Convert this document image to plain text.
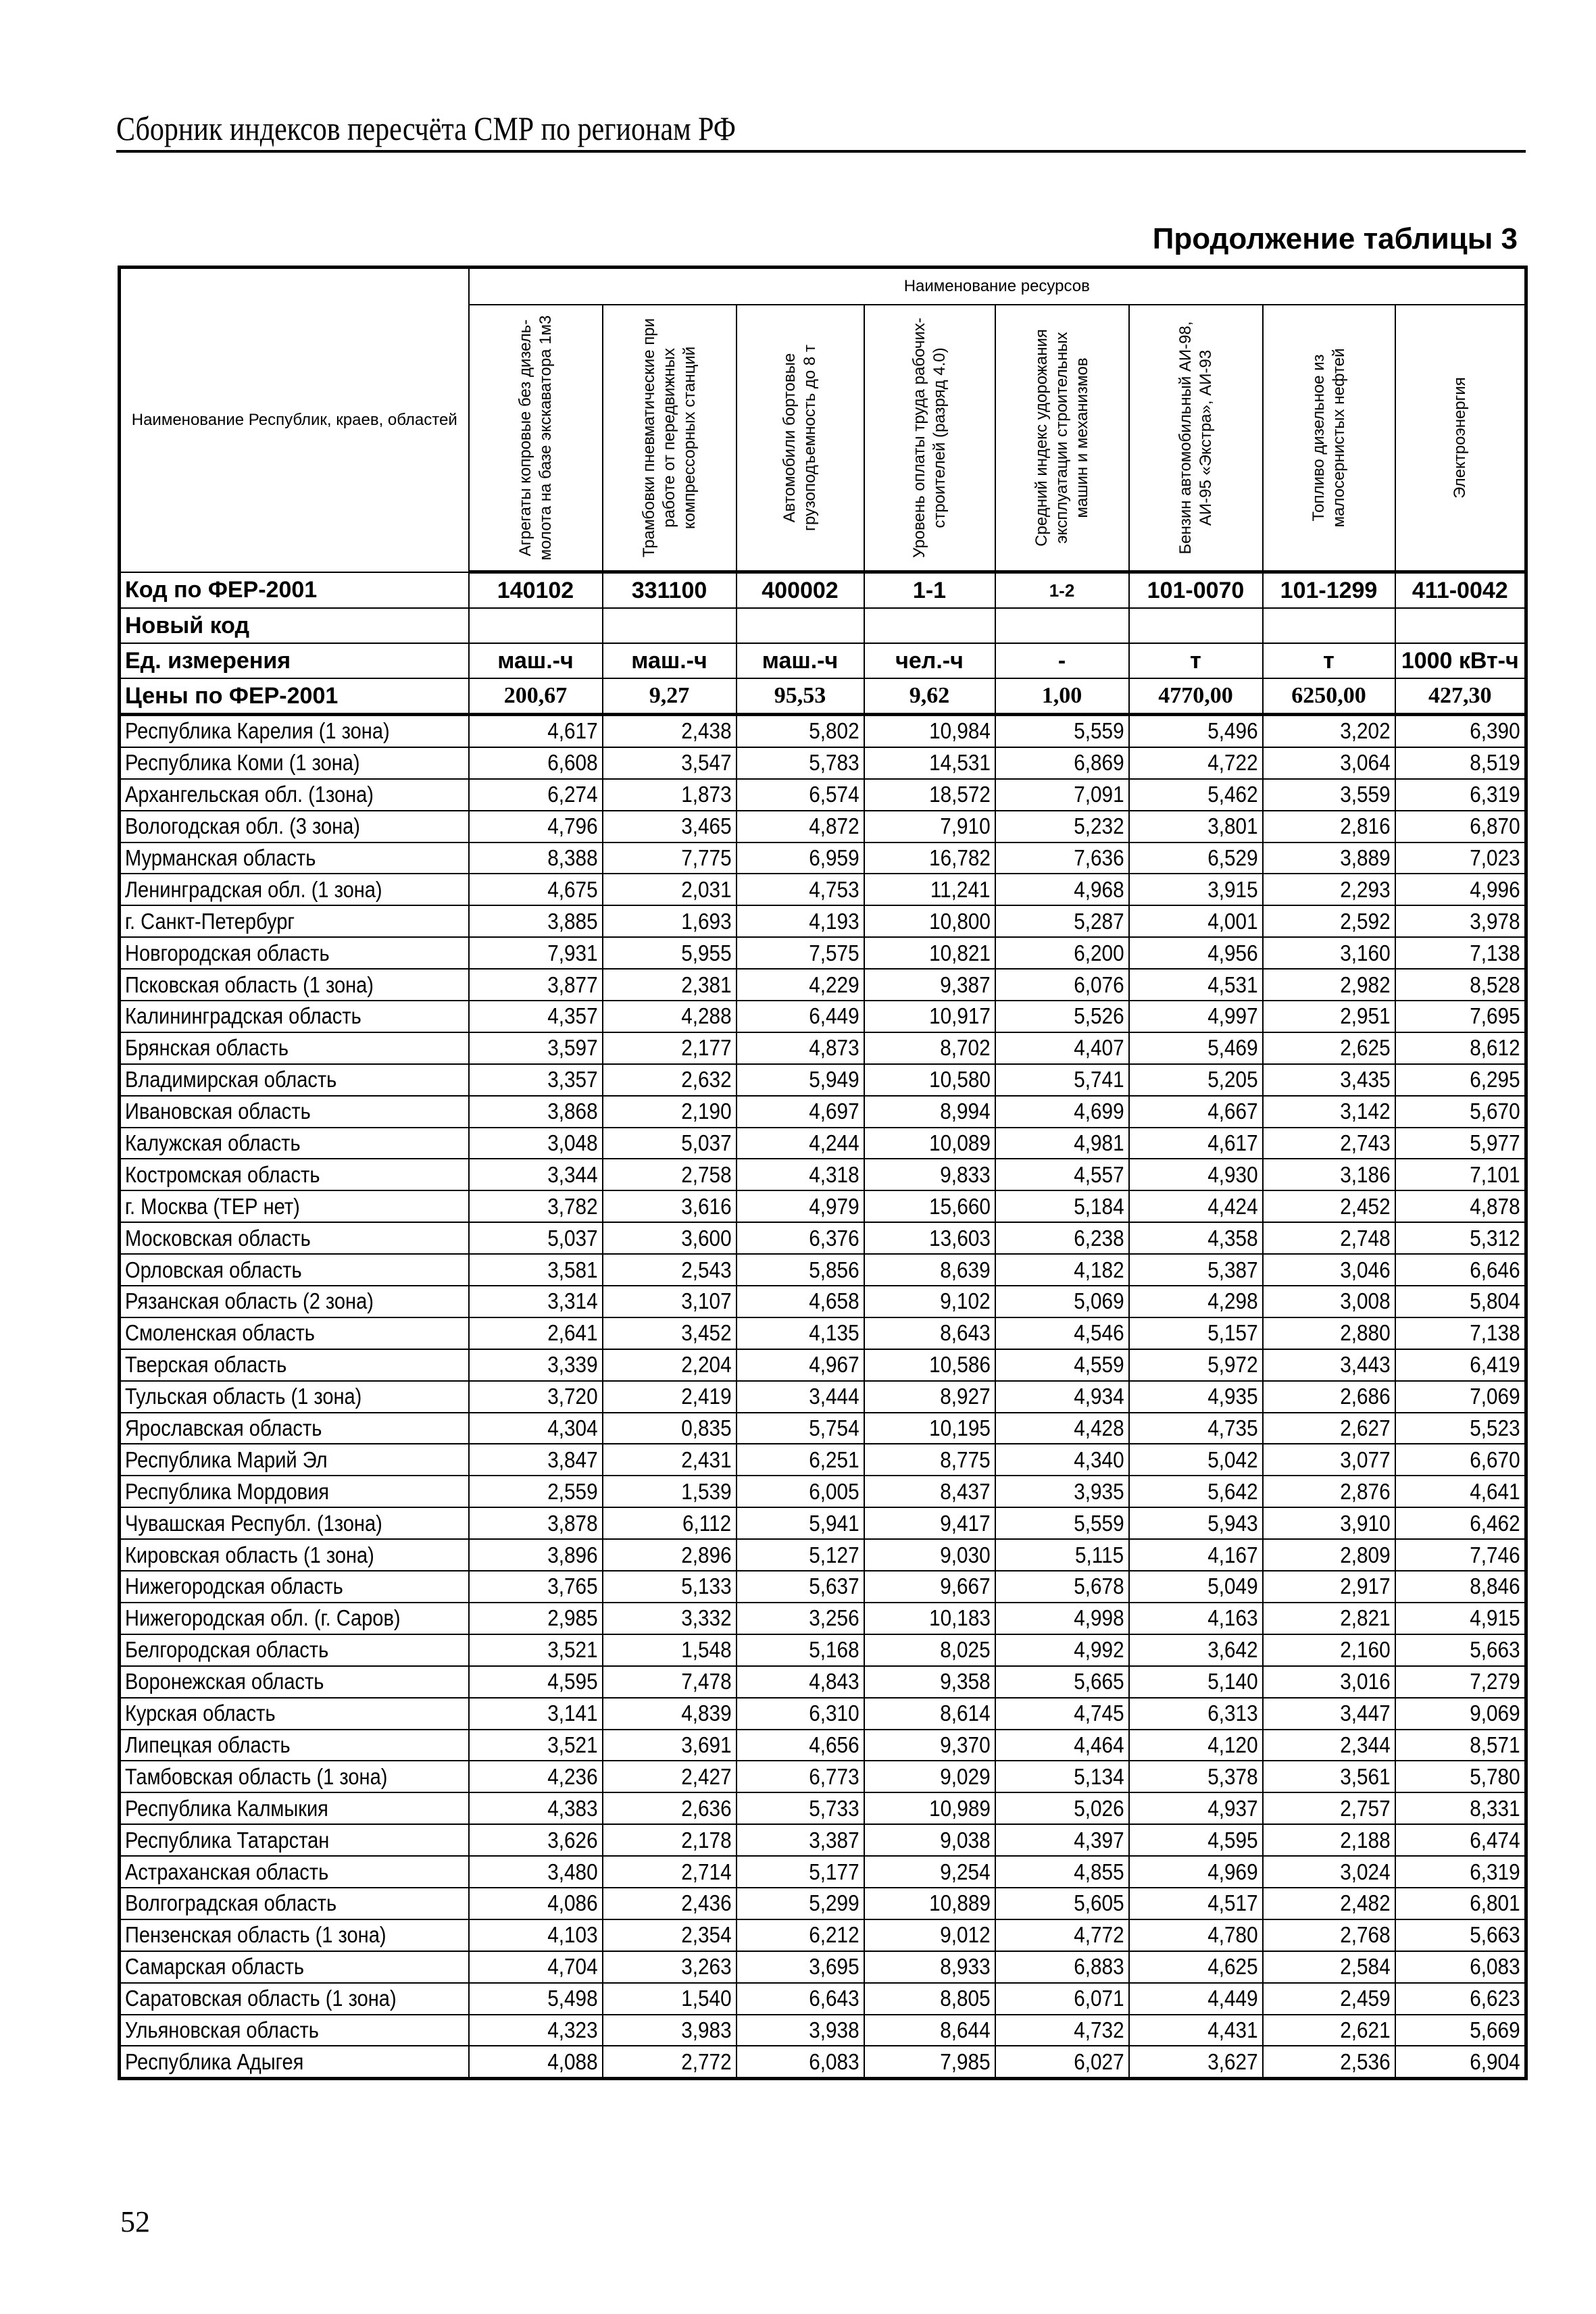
Сборник индексов пересчёта СМР по регионам РФ
Продолжение таблицы 3
Наименование Республик, краев, областей	Наименование ресурсов							

	Агрегаты копровые без дизель-молота на базе экскаватора 1м3	Трамбовки пневматические при работе от передвижных компрессорных станций	Автомобили бортовые грузоподъемность до 8 т	Уровень оплаты труда рабочих-строителей (разряд 4.0)	Средний индекс удорожания эксплуатации строительных машин и механизмов	Бензин автомобильный АИ-98, АИ-95 «Экстра», АИ-93	Топливо дизельное из малосернистых нефтей	Электроэнергия

Код по ФЕР-2001	140102	331100	400002	1-1	1-2	101-0070	101-1299	411-0042
Новый код								
Ед. измерения	маш.-ч	маш.-ч	маш.-ч	чел.-ч	-	т	т	1000 кВт-ч
Цены по ФЕР-2001	200,67	9,27	95,53	9,62	1,00	4770,00	6250,00	427,30
Республика Карелия (1 зона)	4,617	2,438	5,802	10,984	5,559	5,496	3,202	6,390
Республика Коми (1 зона)	6,608	3,547	5,783	14,531	6,869	4,722	3,064	8,519
Архангельская обл. (1зона)	6,274	1,873	6,574	18,572	7,091	5,462	3,559	6,319
Вологодская обл. (3 зона)	4,796	3,465	4,872	7,910	5,232	3,801	2,816	6,870
Мурманская область	8,388	7,775	6,959	16,782	7,636	6,529	3,889	7,023
Ленинградская обл. (1 зона)	4,675	2,031	4,753	11,241	4,968	3,915	2,293	4,996
г. Санкт-Петербург	3,885	1,693	4,193	10,800	5,287	4,001	2,592	3,978
Новгородская область	7,931	5,955	7,575	10,821	6,200	4,956	3,160	7,138
Псковская область (1 зона)	3,877	2,381	4,229	9,387	6,076	4,531	2,982	8,528
Калининградская область	4,357	4,288	6,449	10,917	5,526	4,997	2,951	7,695
Брянская область	3,597	2,177	4,873	8,702	4,407	5,469	2,625	8,612
Владимирская область	3,357	2,632	5,949	10,580	5,741	5,205	3,435	6,295
Ивановская область	3,868	2,190	4,697	8,994	4,699	4,667	3,142	5,670
Калужская область	3,048	5,037	4,244	10,089	4,981	4,617	2,743	5,977
Костромская область	3,344	2,758	4,318	9,833	4,557	4,930	3,186	7,101
г. Москва (ТЕР нет)	3,782	3,616	4,979	15,660	5,184	4,424	2,452	4,878
Московская область	5,037	3,600	6,376	13,603	6,238	4,358	2,748	5,312
Орловская область	3,581	2,543	5,856	8,639	4,182	5,387	3,046	6,646
Рязанская область (2 зона)	3,314	3,107	4,658	9,102	5,069	4,298	3,008	5,804
Смоленская область	2,641	3,452	4,135	8,643	4,546	5,157	2,880	7,138
Тверская область	3,339	2,204	4,967	10,586	4,559	5,972	3,443	6,419
Тульская область (1 зона)	3,720	2,419	3,444	8,927	4,934	4,935	2,686	7,069
Ярославская область	4,304	0,835	5,754	10,195	4,428	4,735	2,627	5,523
Республика Марий Эл	3,847	2,431	6,251	8,775	4,340	5,042	3,077	6,670
Республика Мордовия	2,559	1,539	6,005	8,437	3,935	5,642	2,876	4,641
Чувашская Республ. (1зона)	3,878	6,112	5,941	9,417	5,559	5,943	3,910	6,462
Кировская область (1 зона)	3,896	2,896	5,127	9,030	5,115	4,167	2,809	7,746
Нижегородская область	3,765	5,133	5,637	9,667	5,678	5,049	2,917	8,846
Нижегородская обл. (г. Саров)	2,985	3,332	3,256	10,183	4,998	4,163	2,821	4,915
Белгородская область	3,521	1,548	5,168	8,025	4,992	3,642	2,160	5,663
Воронежская область	4,595	7,478	4,843	9,358	5,665	5,140	3,016	7,279
Курская область	3,141	4,839	6,310	8,614	4,745	6,313	3,447	9,069
Липецкая область	3,521	3,691	4,656	9,370	4,464	4,120	2,344	8,571
Тамбовская область (1 зона)	4,236	2,427	6,773	9,029	5,134	5,378	3,561	5,780
Республика Калмыкия	4,383	2,636	5,733	10,989	5,026	4,937	2,757	8,331
Республика Татарстан	3,626	2,178	3,387	9,038	4,397	4,595	2,188	6,474
Астраханская область	3,480	2,714	5,177	9,254	4,855	4,969	3,024	6,319
Волгоградская область	4,086	2,436	5,299	10,889	5,605	4,517	2,482	6,801
Пензенская область (1 зона)	4,103	2,354	6,212	9,012	4,772	4,780	2,768	5,663
Самарская область	4,704	3,263	3,695	8,933	6,883	4,625	2,584	6,083
Саратовская область (1 зона)	5,498	1,540	6,643	8,805	6,071	4,449	2,459	6,623
Ульяновская область	4,323	3,983	3,938	8,644	4,732	4,431	2,621	5,669
Республика Адыгея	4,088	2,772	6,083	7,985	6,027	3,627	2,536	6,904
52
